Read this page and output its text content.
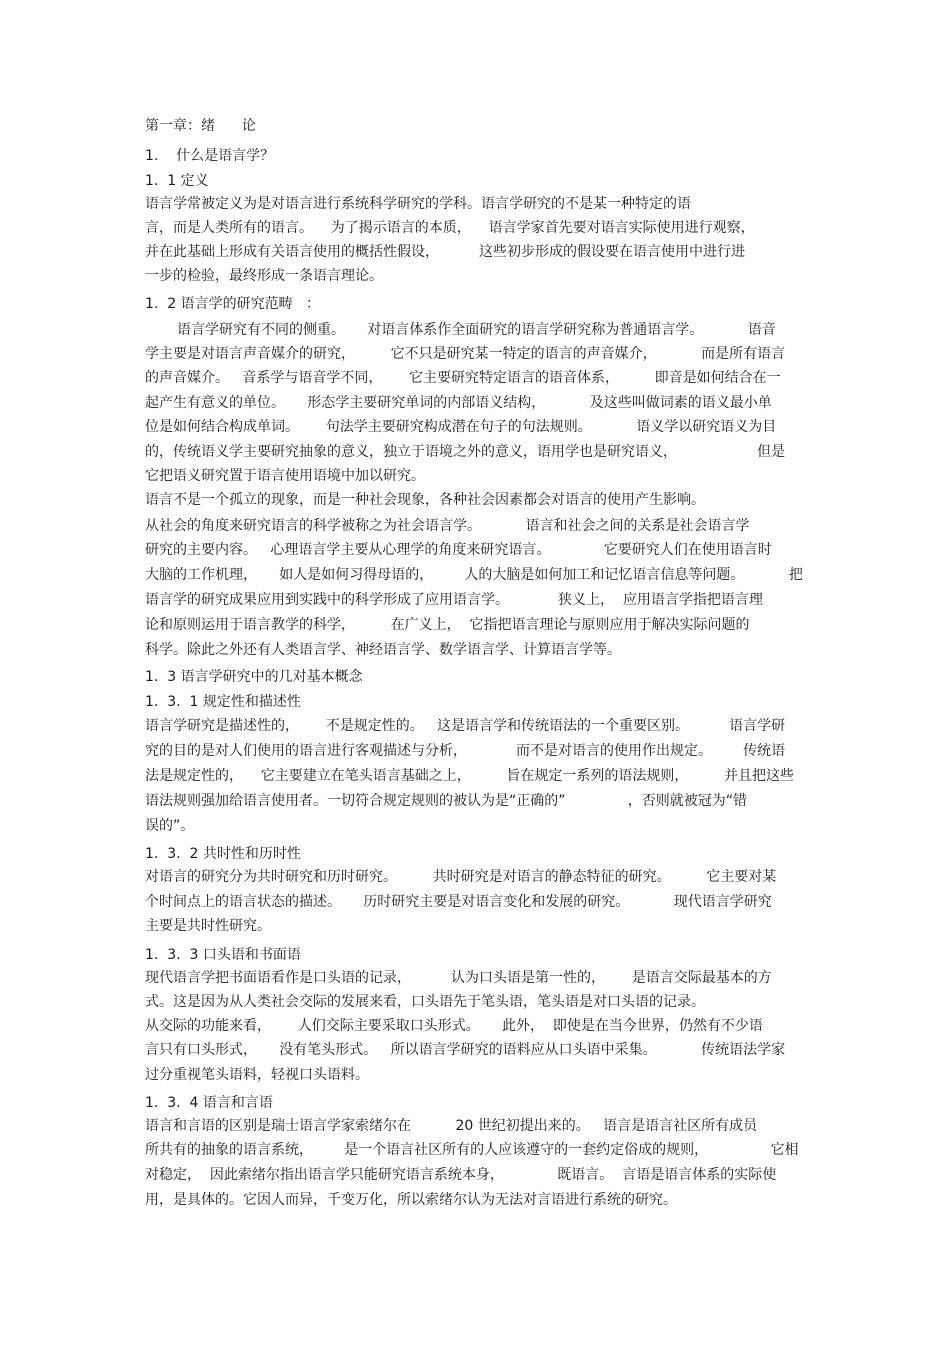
第一章：绪      论
1.    什么是语言学？
1.  1 定义
语言学常被定义为是对语言进行系统科学研究的学科。语言学研究的不是某一种特定的语
言，而是人类所有的语言。    为了揭示语言的本质，    语言学家首先要对语言实际使用进行观察，
并在此基础上形成有关语言使用的概括性假设，         这些初步形成的假设要在语言使用中进行进
一步的检验，最终形成一条语言理论。
1.  2 语言学的研究范畴   ：
语言学研究有不同的侧重。     对语言体系作全面研究的语言学研究称为普通语言学。          语音
学主要是对语言声音媒介的研究，        它不只是研究某一特定的语言的声音媒介，          而是所有语言
的声音媒介。   音系学与语音学不同，      它主要研究特定语言的语音体系，        即音是如何结合在一
起产生有意义的单位。     形态学主要研究单词的内部语义结构，          及这些叫做词素的语义最小单
位是如何结合构成单词。      句法学主要研究构成潜在句子的句法规则。          语义学以研究语义为目
的，传统语义学主要研究抽象的意义，独立于语境之外的意义，语用学也是研究语义，                  但是
它把语义研究置于语言使用语境中加以研究。
语言不是一个孤立的现象，而是一种社会现象，各种社会因素都会对语言的使用产生影响。
从社会的角度来研究语言的科学被称之为社会语言学。          语言和社会之间的关系是社会语言学
研究的主要内容。   心理语言学主要从心理学的角度来研究语言。            它要研究人们在使用语言时
大脑的工作机理，     如人是如何习得母语的，       人的大脑是如何加工和记忆语言信息等问题。          把
语言学的研究成果应用到实践中的科学形成了应用语言学。           狭义上，  应用语言学指把语言理
论和原则运用于语言教学的科学，        在广义上，  它指把语言理论与原则应用于解决实际问题的
科学。除此之外还有人类语言学、神经语言学、数学语言学、计算语言学等。
1.  3 语言学研究中的几对基本概念
1.  3.  1 规定性和描述性
语言学研究是描述性的，      不是规定性的。   这是语言学和传统语法的一个重要区别。         语言学研
究的目的是对人们使用的语言进行客观描述与分析，           而不是对语言的使用作出规定。       传统语
法是规定性的，    它主要建立在笔头语言基础之上，        旨在规定一系列的语法规则，        并且把这些
语法规则强加给语言使用者。一切符合规定规则的被认为是“正确的”              ，否则就被冠为“错
误的”。
1.  3.  2 共时性和历时性
对语言的研究分为共时研究和历时研究。        共时研究是对语言的静态特征的研究。        它主要对某
个时间点上的语言状态的描述。     历时研究主要是对语言变化和发展的研究。          现代语言学研究
主要是共时性研究。
1.  3.  3 口头语和书面语
现代语言学把书面语看作是口头语的记录，         认为口头语是第一性的，      是语言交际最基本的方
式。这是因为从人类社会交际的发展来看，口头语先于笔头语，笔头语是对口头语的记录。
从交际的功能来看，      人们交际主要采取口头形式。     此外，  即使是在当今世界，仍然有不少语
言只有口头形式，     没有笔头形式。   所以语言学研究的语料应从口头语中采集。          传统语法学家
过分重视笔头语料，轻视口头语料。
1.  3.  4 语言和言语
语言和言语的区别是瑞士语言学家索绪尔在          20 世纪初提出来的。   语言是语言社区所有成员
所共有的抽象的语言系统，       是一个语言社区所有的人应该遵守的一套约定俗成的规则，              它相
对稳定，  因此索绪尔指出语言学只能研究语言系统本身，            既语言。  言语是语言体系的实际使
用，是具体的。它因人而异，千变万化，所以索绪尔认为无法对言语进行系统的研究。
